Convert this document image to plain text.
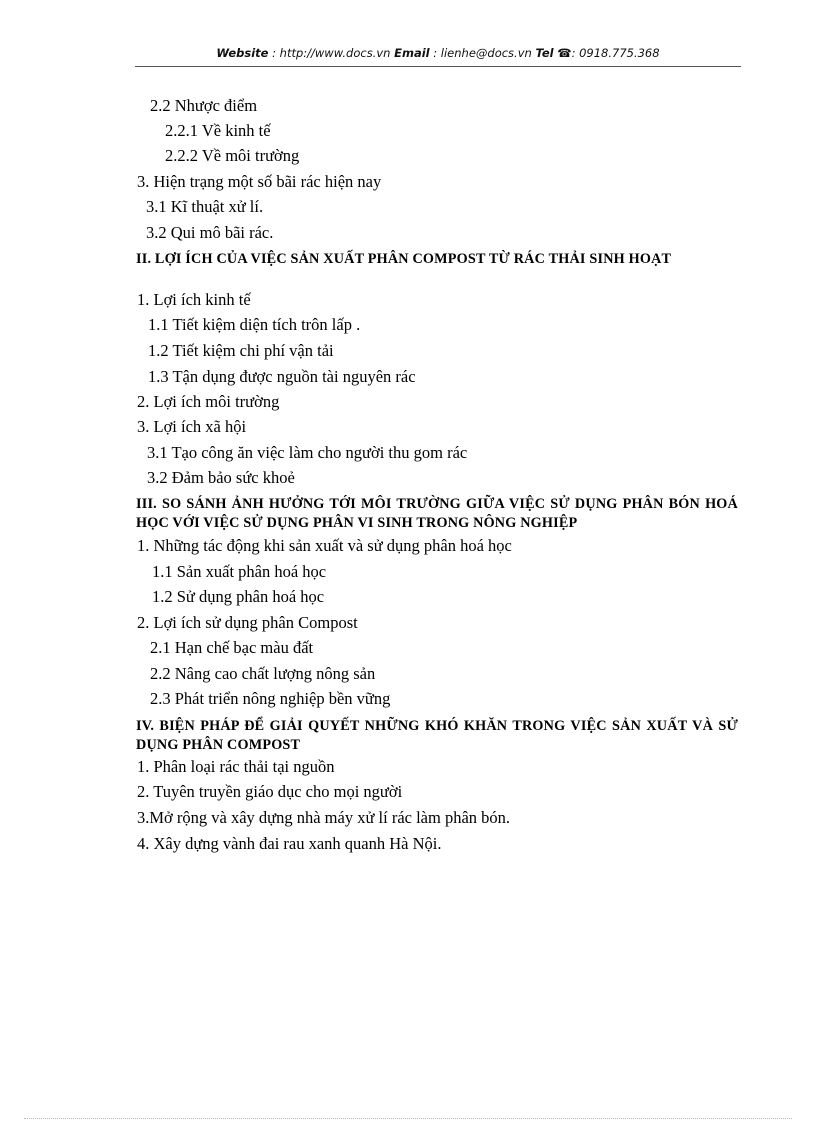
Website : http://www.docs.vn Email : lienhe@docs.vn Tel ☎: 0918.775.368
2.2 Nhược điểm
2.2.1 Về kinh tế
2.2.2 Về môi trường
3. Hiện trạng một số bãi rác hiện nay
3.1 Kĩ thuật xử lí.
3.2 Qui mô bãi rác.
II. LỢI ÍCH CỦA VIỆC SẢN XUẤT PHÂN COMPOST TỪ RÁC THẢI SINH HOẠT
1. Lợi ích kinh tế
1.1 Tiết kiệm diện tích trôn lấp .
1.2 Tiết kiệm chi phí vận tải
1.3 Tận dụng được nguồn tài nguyên rác
2. Lợi ích môi trường
3. Lợi ích xã hội
3.1 Tạo công ăn việc làm cho người thu gom rác
3.2 Đảm bảo sức khoẻ
III. SO SÁNH ẢNH HƯỞNG TỚI MÔI TRƯỜNG GIỮA VIỆC SỬ DỤNG PHÂN BÓN HOÁ HỌC VỚI VIỆC SỬ DỤNG PHÂN VI SINH TRONG NÔNG NGHIỆP
1. Những tác động khi sản xuất và sử dụng phân hoá học
1.1 Sản xuất phân hoá học
1.2 Sử dụng phân hoá học
2. Lợi ích sử dụng phân Compost
2.1 Hạn chế bạc màu đất
2.2 Nâng cao chất lượng nông sản
2.3 Phát triển nông nghiệp bền vững
IV. BIỆN PHÁP ĐỂ GIẢI QUYẾT NHỮNG KHÓ KHĂN TRONG VIỆC SẢN XUẤT VÀ SỬ DỤNG PHÂN COMPOST
1. Phân loại rác thải tại nguồn
2. Tuyên truyền giáo dục cho mọi người
3.Mở rộng và xây dựng nhà máy xử lí rác làm phân bón.
4. Xây dựng vành đai rau xanh quanh Hà Nội.
